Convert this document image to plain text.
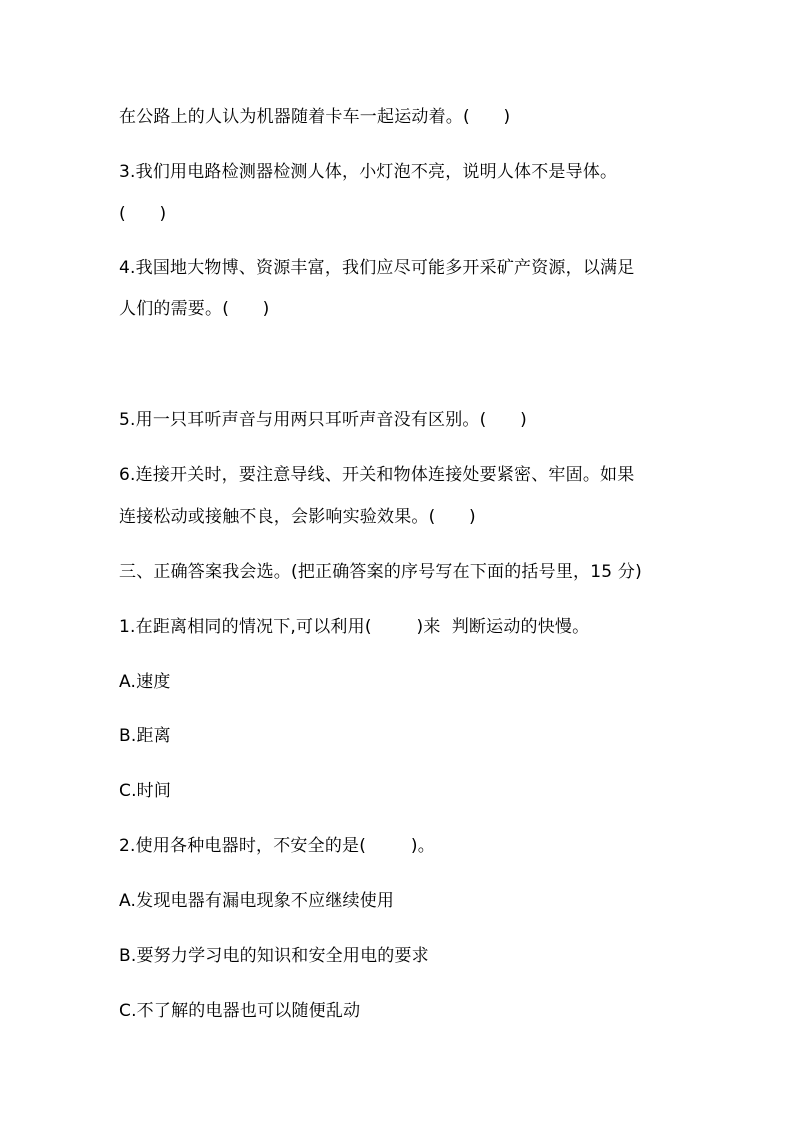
在公路上的人认为机器随着卡车一起运动着。(      )
3.我们用电路检测器检测人体，小灯泡不亮，说明人体不是导体。
(      )
4.我国地大物博、资源丰富，我们应尽可能多开采矿产资源，以满足
人们的需要。(      )
5.用一只耳听声音与用两只耳听声音没有区别。(      )
6.连接开关时，要注意导线、开关和物体连接处要紧密、牢固。如果
连接松动或接触不良，会影响实验效果。(      )
三、正确答案我会选。(把正确答案的序号写在下面的括号里，15 分)
1.在距离相同的情况下,可以利用(        )来  判断运动的快慢。
A.速度
B.距离
C.时间
2.使用各种电器时，不安全的是(        )。
A.发现电器有漏电现象不应继续使用
B.要努力学习电的知识和安全用电的要求
C.不了解的电器也可以随便乱动
